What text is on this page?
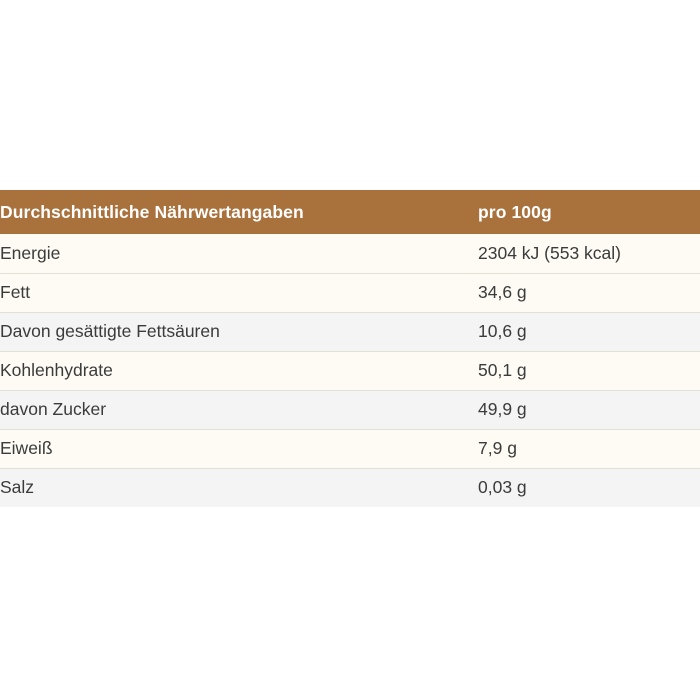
Durchschnittliche Nährwertangaben	pro 100g
Energie	2304 kJ (553 kcal)
Fett	34,6 g
Davon gesättigte Fettsäuren	10,6 g
Kohlenhydrate	50,1 g
davon Zucker	49,9 g
Eiweiß	7,9 g
Salz	0,03 g
